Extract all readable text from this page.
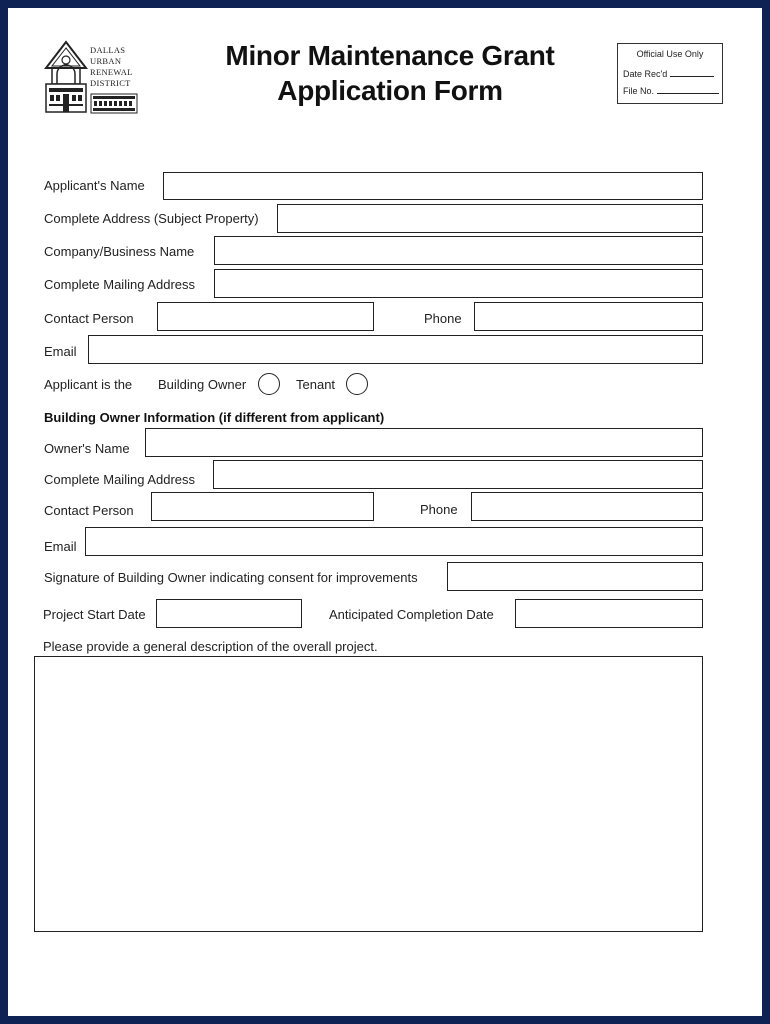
DALLAS
URBAN
RENEWAL
DISTRICT
Minor Maintenance Grant
Application Form
Official Use Only
Date Rec'd
File No.
Applicant's Name
Complete Address (Subject Property)
Company/Business Name
Complete Mailing Address
Contact Person	Phone
Email
Applicant is the Building Owner	Tenant
Building Owner Information (if different from applicant)
Owner's Name
Complete Mailing Address
Contact Person	Phone
Email
Signature of Building Owner indicating consent for improvements
Project Start Date	Anticipated Completion Date
Please provide a general description of the overall project.
